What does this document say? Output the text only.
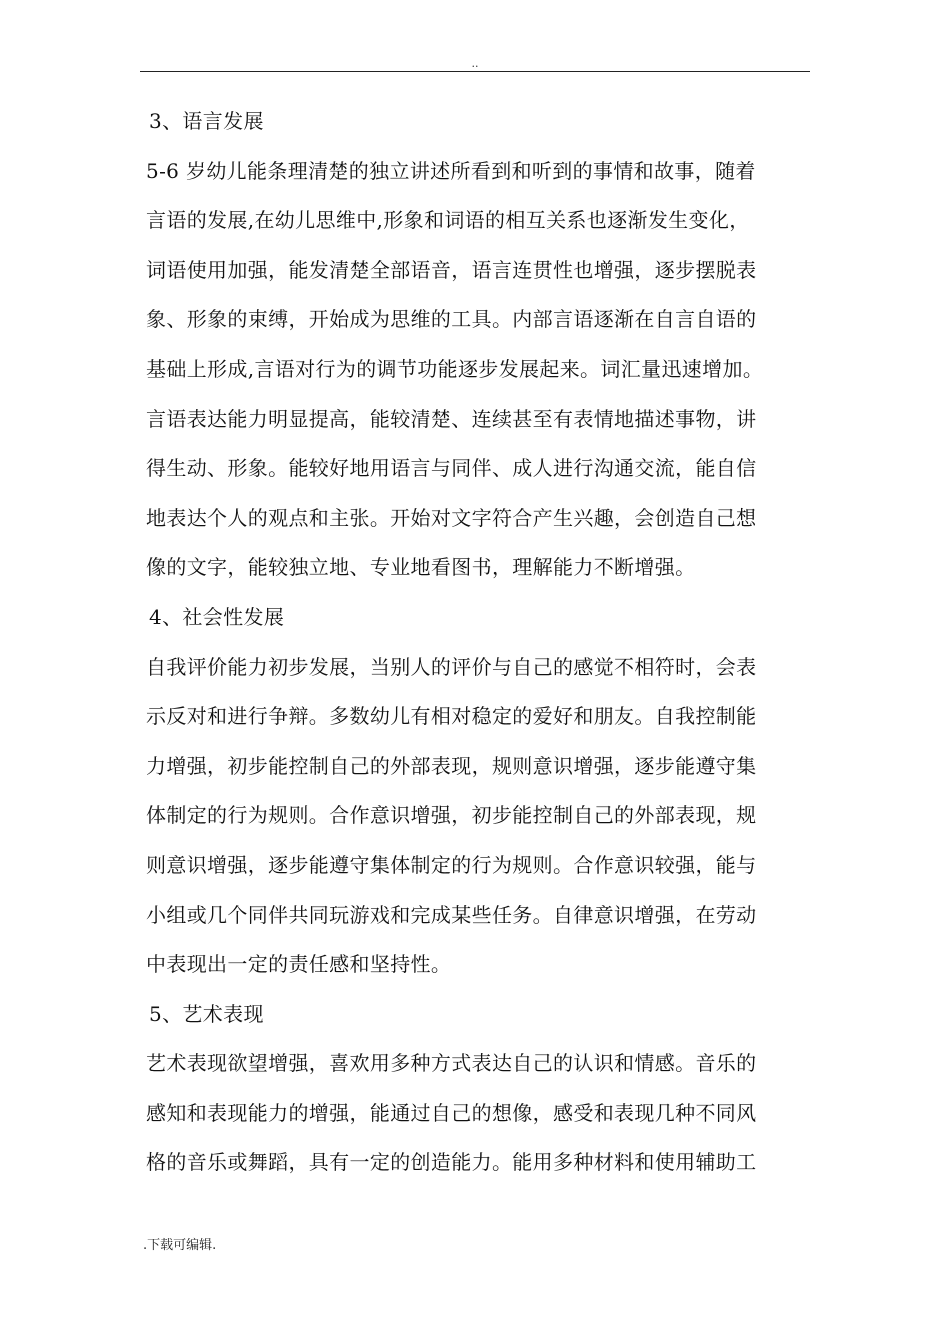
..
3、语言发展
5-6 岁幼儿能条理清楚的独立讲述所看到和听到的事情和故事，随着
言语的发展,在幼儿思维中,形象和词语的相互关系也逐渐发生变化，
词语使用加强，能发清楚全部语音，语言连贯性也增强，逐步摆脱表
象、形象的束缚，开始成为思维的工具。内部言语逐渐在自言自语的
基础上形成,言语对行为的调节功能逐步发展起来。词汇量迅速增加。
言语表达能力明显提高，能较清楚、连续甚至有表情地描述事物，讲
得生动、形象。能较好地用语言与同伴、成人进行沟通交流，能自信
地表达个人的观点和主张。开始对文字符合产生兴趣，会创造自己想
像的文字，能较独立地、专业地看图书，理解能力不断增强。
4、社会性发展
自我评价能力初步发展，当别人的评价与自己的感觉不相符时，会表
示反对和进行争辩。多数幼儿有相对稳定的爱好和朋友。自我控制能
力增强，初步能控制自己的外部表现，规则意识增强，逐步能遵守集
体制定的行为规则。合作意识增强，初步能控制自己的外部表现，规
则意识增强，逐步能遵守集体制定的行为规则。合作意识较强，能与
小组或几个同伴共同玩游戏和完成某些任务。自律意识增强，在劳动
中表现出一定的责任感和坚持性。
5、艺术表现
艺术表现欲望增强，喜欢用多种方式表达自己的认识和情感。音乐的
感知和表现能力的增强，能通过自己的想像，感受和表现几种不同风
格的音乐或舞蹈，具有一定的创造能力。能用多种材料和使用辅助工
.下载可编辑.
